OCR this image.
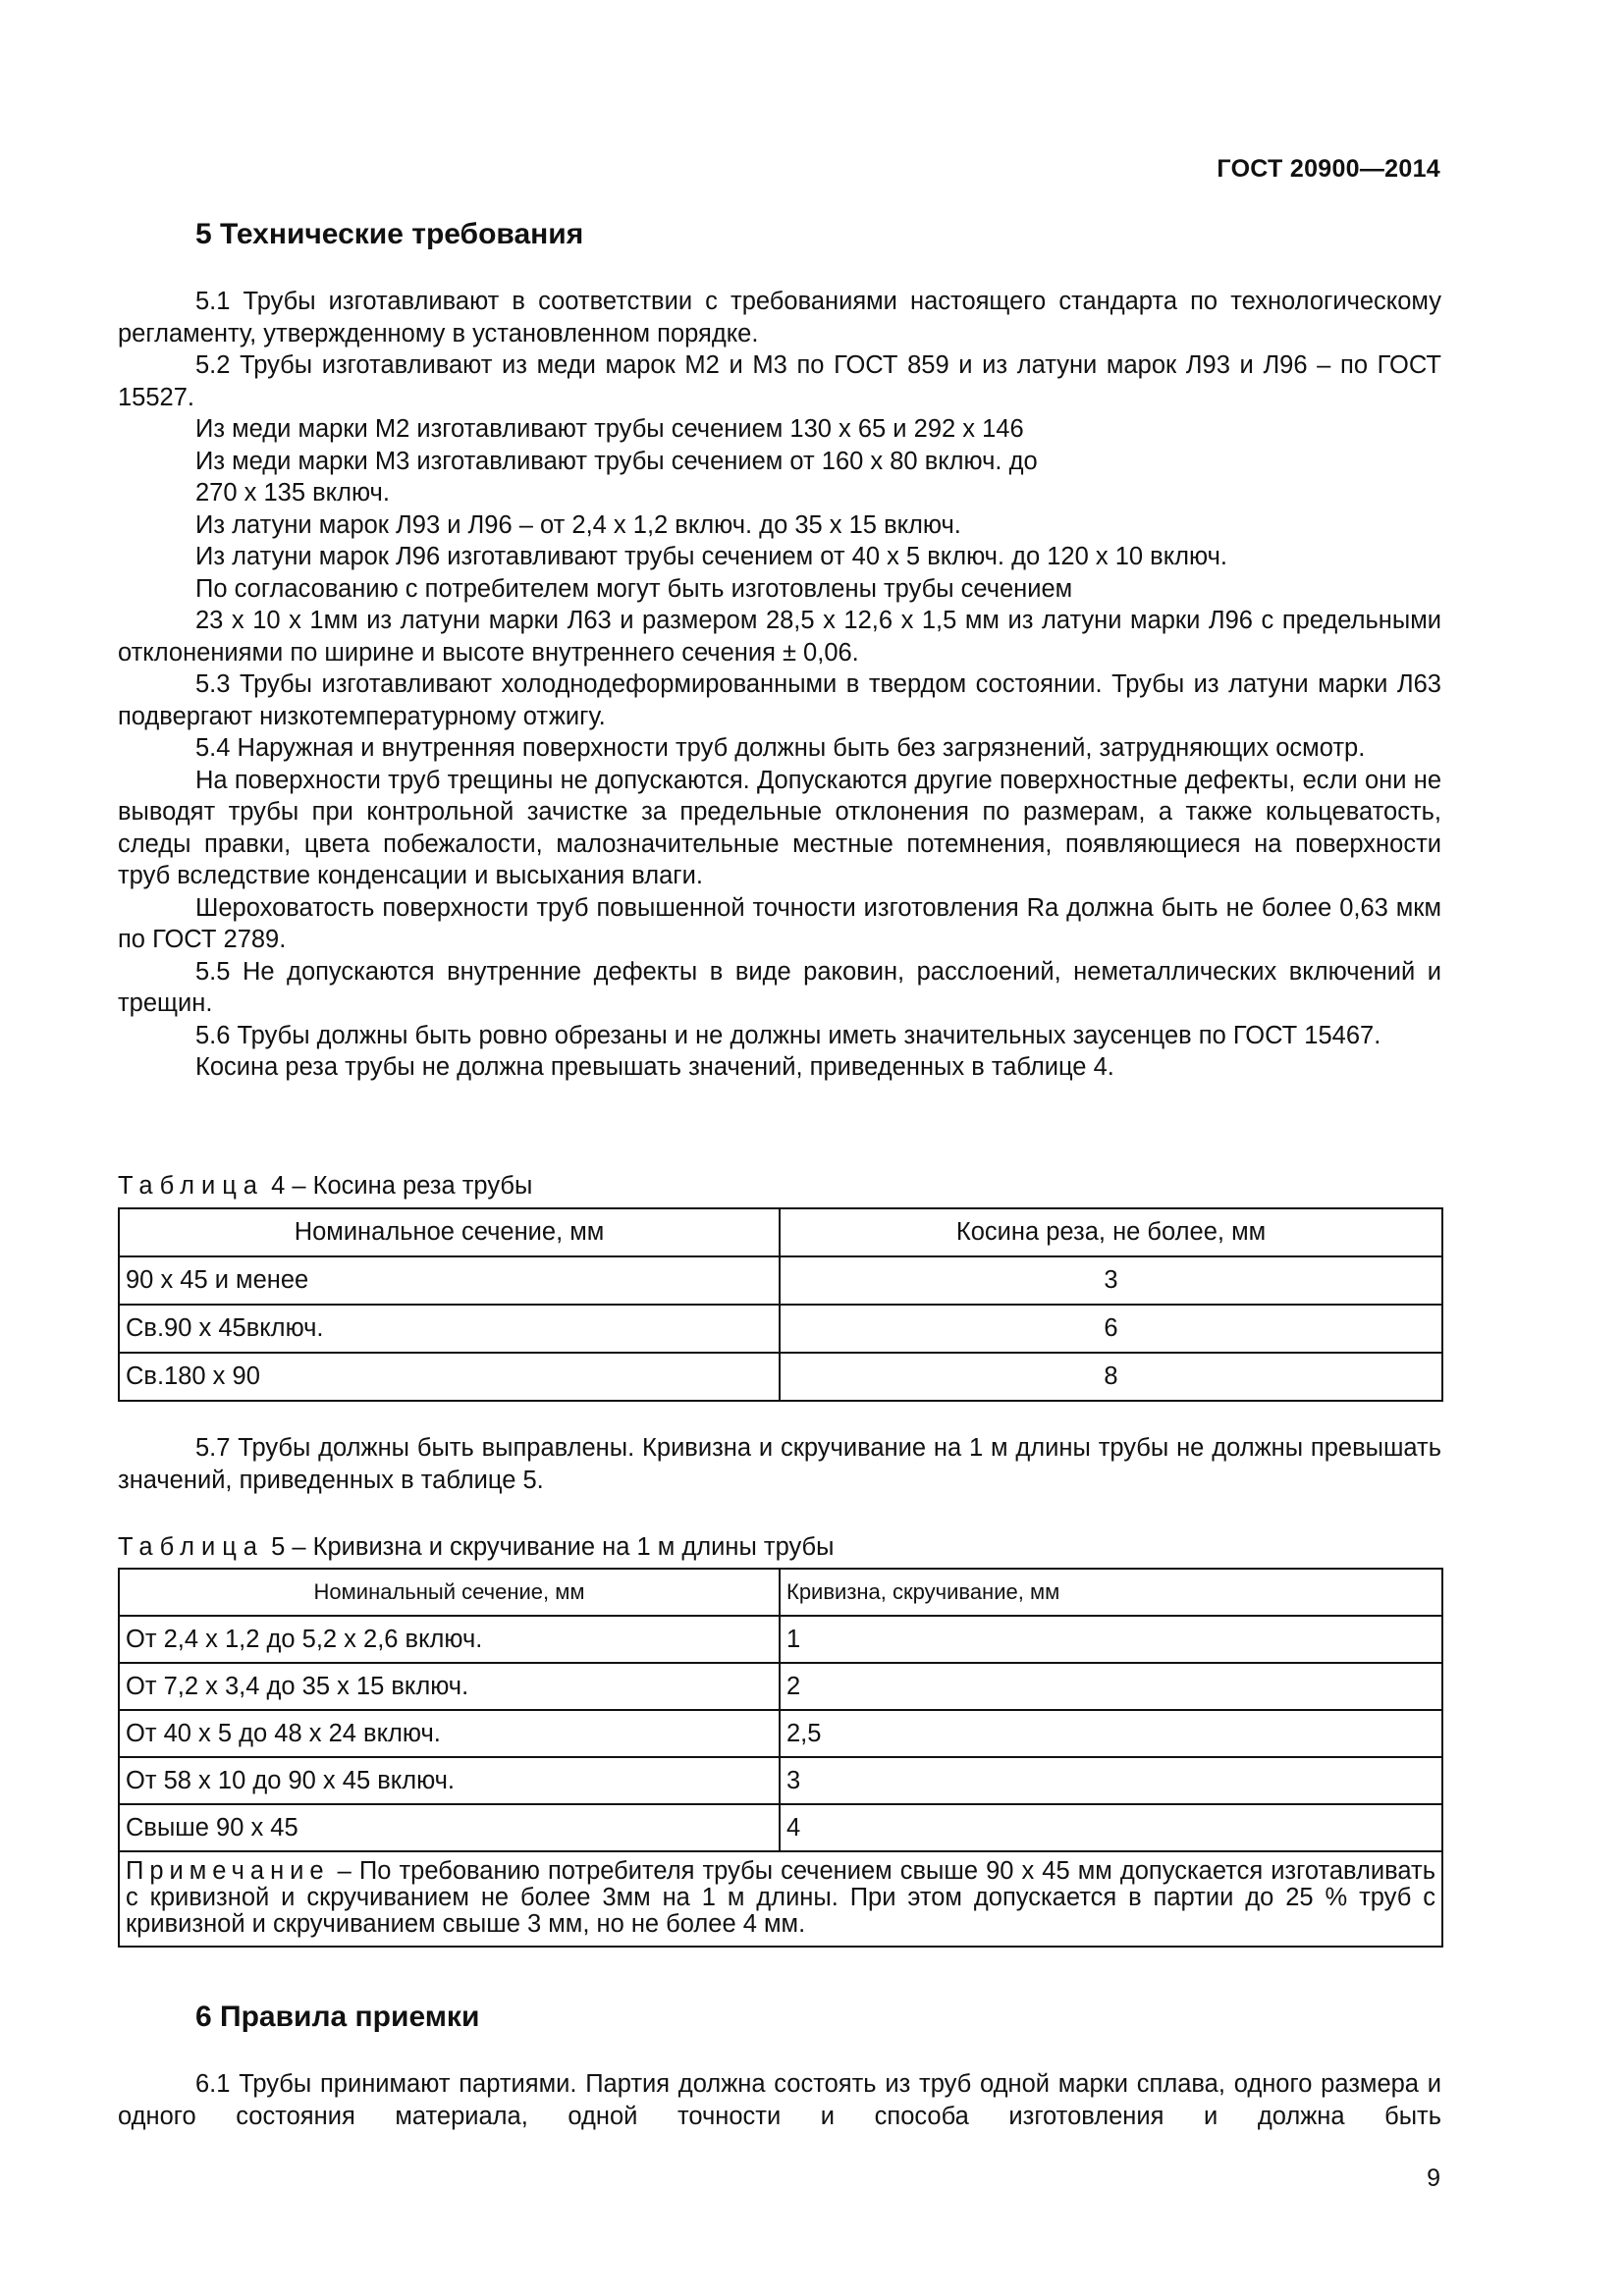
ГОСТ 20900—2014
5 Технические требования

5.1 Трубы изготавливают в соответствии с требованиями настоящего стандарта по технологическому регламенту, утвержденному в установленном порядке.

5.2 Трубы изготавливают из меди марок М2 и М3 по ГОСТ 859 и из латуни марок Л93 и Л96 – по ГОСТ 15527.

Из меди марки М2 изготавливают трубы сечением 130 х 65 и 292 х 146

Из меди марки М3 изготавливают трубы сечением от 160 х 80 включ. до

270 х 135 включ.

Из латуни марок Л93 и Л96 – от 2,4 х 1,2 включ. до 35 х 15 включ.

Из латуни марок Л96 изготавливают трубы сечением от 40 х 5 включ. до 120 х 10 включ.

По согласованию с потребителем могут быть изготовлены трубы сечением

23 х 10 х 1мм из латуни марки Л63 и размером 28,5 х 12,6 х 1,5 мм из латуни марки Л96 с предельными отклонениями по ширине и высоте внутреннего сечения ± 0,06.

5.3 Трубы изготавливают холоднодеформированными в твердом состоянии. Трубы из латуни марки Л63 подвергают низкотемпературному отжигу.

5.4 Наружная и внутренняя поверхности труб должны быть без загрязнений, затрудняющих осмотр.

На поверхности труб трещины не допускаются. Допускаются другие поверхностные дефекты, если они не выводят трубы при контрольной зачистке за предельные отклонения по размерам, а также кольцеватость, следы правки, цвета побежалости, малозначительные местные потемнения, появляющиеся на поверхности труб вследствие конденсации и высыхания влаги.

Шероховатость поверхности труб повышенной точности изготовления Ra должна быть не более 0,63 мкм по ГОСТ 2789.

5.5 Не допускаются внутренние дефекты в виде раковин, расслоений, неметаллических включений и трещин.

5.6 Трубы должны быть ровно обрезаны и не должны иметь значительных заусенцев по ГОСТ 15467.

Косина реза трубы не должна превышать значений, приведенных в таблице 4.

Таблица 4 – Косина реза трубы
Номинальное сечение, мм	Косина реза, не более, мм
90 х 45 и менее	3
Св.90 х 45включ.	6
Св.180 х 90	8

5.7 Трубы должны быть выправлены. Кривизна и скручивание на 1 м длины трубы не должны превышать значений, приведенных в таблице 5.

Таблица 5 – Кривизна и скручивание на 1 м длины трубы
Номинальный сечение, мм	Кривизна, скручивание, мм
От 2,4 х 1,2 до 5,2 х 2,6 включ.	1
От 7,2 х 3,4 до 35 х 15 включ.	2
От 40 х 5 до 48 х 24 включ.	2,5
От 58 х 10 до 90 х 45 включ.	3
Свыше 90 х 45	4
Примечание – По требованию потребителя трубы сечением свыше 90 х 45 мм допускается изготавливать с кривизной и скручиванием не более 3мм на 1 м длины. При этом допускается в партии до 25 % труб с кривизной и скручиванием свыше 3 мм, но не более 4 мм.	
6 Правила приемки

6.1 Трубы принимают партиями. Партия должна состоять из труб одной марки сплава, одного размера и одного состояния материала, одной точности и способа изготовления и должна быть

9
